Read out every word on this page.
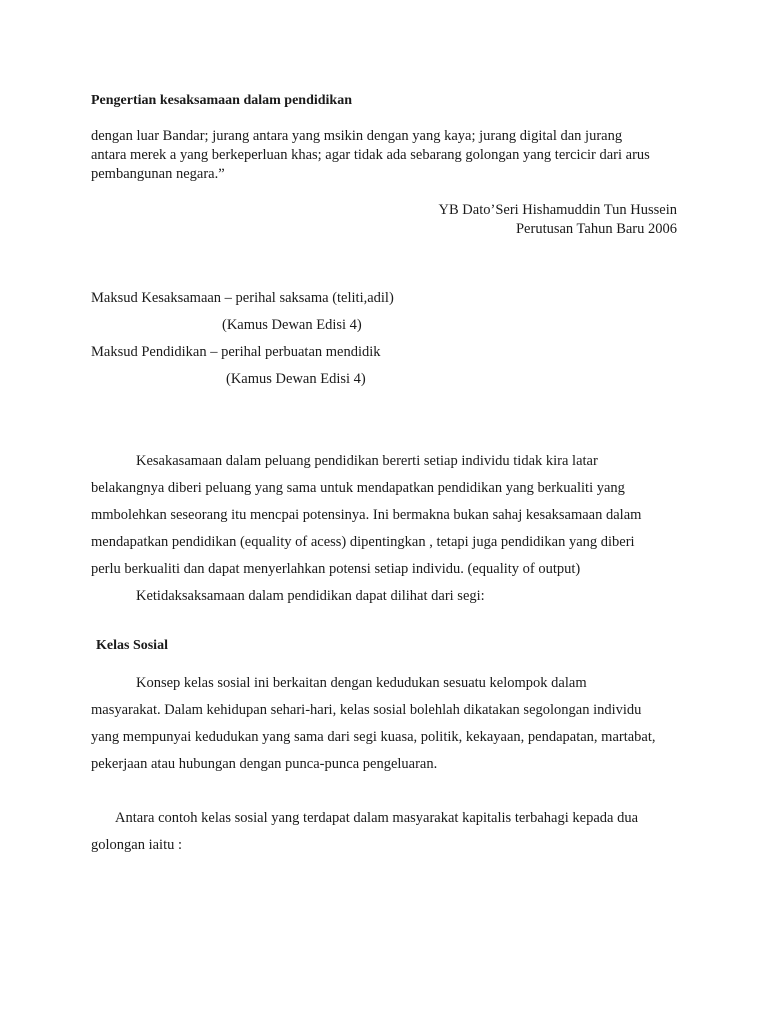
Pengertian kesaksamaan dalam pendidikan
dengan luar Bandar; jurang antara yang msikin dengan yang kaya; jurang digital dan jurang
antara merek a yang berkeperluan khas; agar tidak ada sebarang golongan yang tercicir dari arus
pembangunan negara.”
YB Dato’Seri Hishamuddin Tun Hussein
Perutusan Tahun Baru 2006
Maksud Kesaksamaan – perihal saksama (teliti,adil)
(Kamus Dewan Edisi 4)
Maksud Pendidikan – perihal perbuatan mendidik
(Kamus Dewan Edisi 4)
Kesakasamaan dalam peluang pendidikan bererti setiap individu tidak kira latar
belakangnya diberi peluang yang sama untuk mendapatkan pendidikan yang berkualiti yang
mmbolehkan seseorang itu mencpai potensinya. Ini bermakna bukan sahaj kesaksamaan dalam
mendapatkan pendidikan (equality of acess) dipentingkan , tetapi juga pendidikan yang diberi
perlu berkualiti dan dapat menyerlahkan potensi setiap individu. (equality of output)
Ketidaksaksamaan dalam pendidikan dapat dilihat dari segi:
Kelas Sosial
Konsep kelas sosial ini berkaitan dengan kedudukan sesuatu kelompok dalam
masyarakat. Dalam kehidupan sehari-hari, kelas sosial bolehlah dikatakan segolongan individu
yang mempunyai kedudukan yang sama dari segi kuasa, politik, kekayaan, pendapatan, martabat,
pekerjaan atau hubungan dengan punca-punca pengeluaran.
Antara contoh kelas sosial yang terdapat dalam masyarakat kapitalis terbahagi kepada dua
golongan iaitu :
